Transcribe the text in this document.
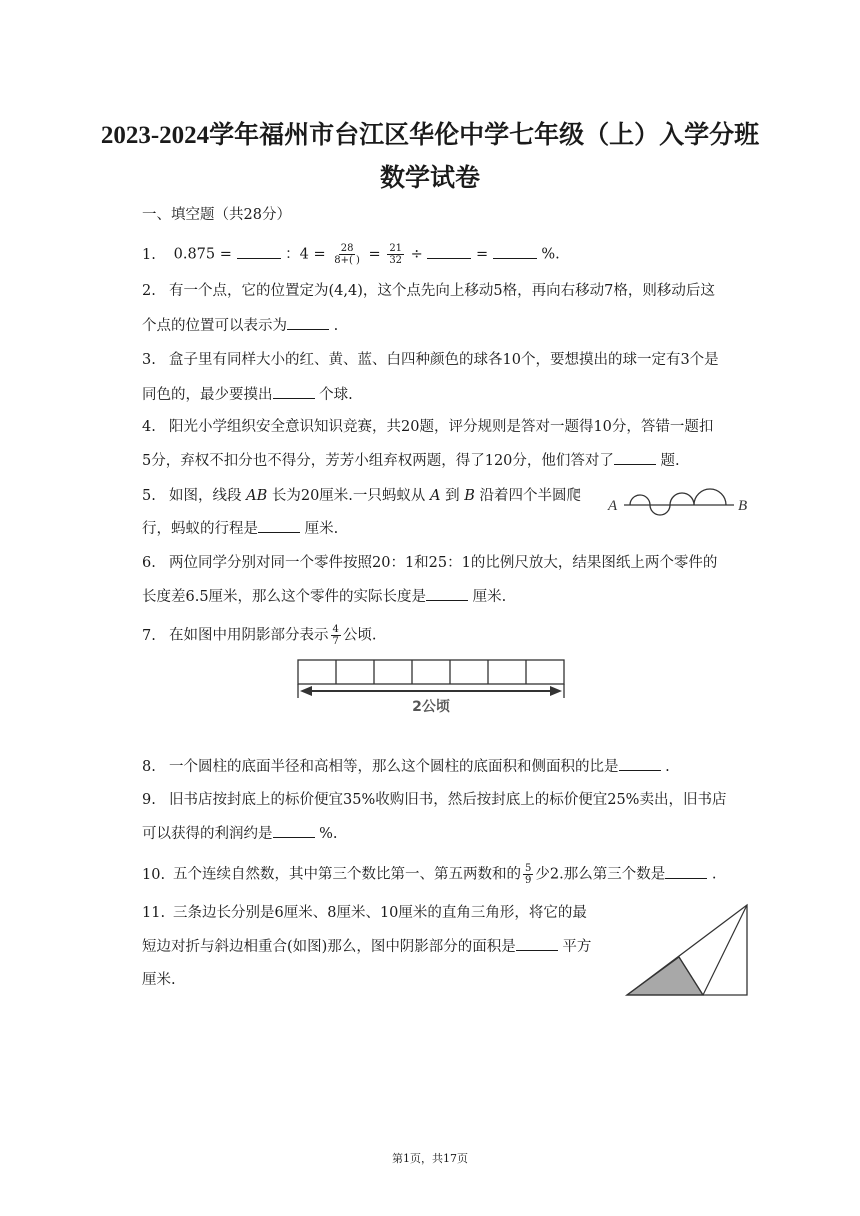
2023-2024学年福州市台江区华伦中学七年级（上）入学分班
数学试卷
一、填空题（共28分）
1. 0.875 =	：$4 = \frac{28}{8+( )} = \frac{21}{32}$ ÷	=	%.
2. 有一个点，它的位置定为(4,4)，这个点先向上移动5格，再向右移动7格，则移动后这
个点的位置可以表示为	.
3. 盒子里有同样大小的红、黄、蓝、白四种颜色的球各10个，要想摸出的球一定有3个是
同色的，最少要摸出	个球.
4. 阳光小学组织安全意识知识竞赛，共20题，评分规则是答对一题得10分，答错一题扣
5分，弃权不扣分也不得分，芳芳小组弃权两题，得了120分，他们答对了	题.
5. 如图，线段 AB 长为20厘米.一只蚂蚁从 A 到 B 沿着四个半圆爬
行，蚂蚁的行程是	厘米.
A	B
6. 两位同学分别对同一个零件按照20：1和25：1的比例尺放大，结果图纸上两个零件的
长度差6.5厘米，那么这个零件的实际长度是	厘米.
7. 在如图中用阴影部分表示 $\frac{4}{7}$ 公顷.
2公顷
8. 一个圆柱的底面半径和高相等，那么这个圆柱的底面积和侧面积的比是	.
9. 旧书店按封底上的标价便宜35%收购旧书，然后按封底上的标价便宜25%卖出，旧书店
可以获得的利润约是	%.
10. 五个连续自然数，其中第三个数比第一、第五两数和的 $\frac{5}{9}$ 少2.那么第三个数是	.
11. 三条边长分别是6厘米、8厘米、10厘米的直角三角形，将它的最
短边对折与斜边相重合(如图)那么，图中阴影部分的面积是	平方
厘米.
第1页，共17页
